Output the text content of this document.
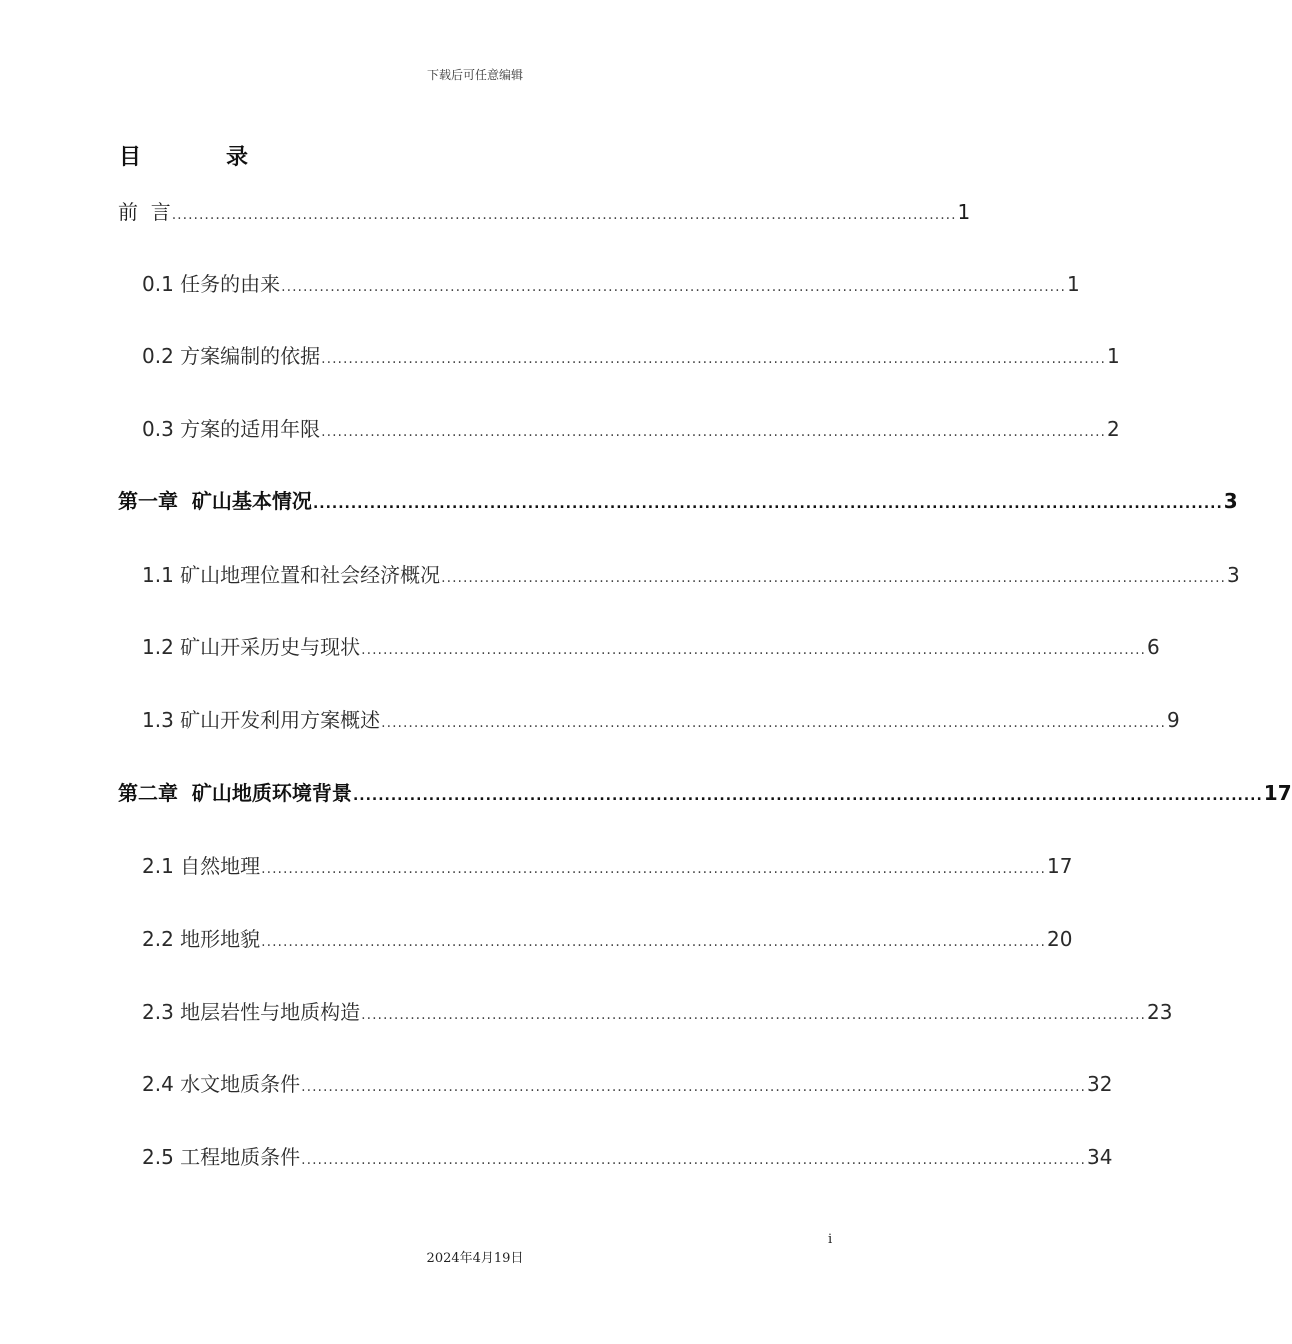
下载后可任意编辑
目	录
前  言 ................................................................................................................................................ 1
0.1 任务的由来 ................................................................................................................................................ 1
0.2 方案编制的依据 ................................................................................................................................................ 1
0.3 方案的适用年限 ................................................................................................................................................ 2
第一章  矿山基本情况 ................................................................................................................................................ 3
1.1 矿山地理位置和社会经济概况 ................................................................................................................................................ 3
1.2 矿山开采历史与现状 ................................................................................................................................................ 6
1.3 矿山开发利用方案概述 ................................................................................................................................................ 9
第二章  矿山地质环境背景 ................................................................................................................................................ 17
2.1 自然地理 ................................................................................................................................................ 17
2.2 地形地貌 ................................................................................................................................................ 20
2.3 地层岩性与地质构造 ................................................................................................................................................ 23
2.4 水文地质条件 ................................................................................................................................................ 32
2.5 工程地质条件 ................................................................................................................................................ 34
i
2024年4月19日
